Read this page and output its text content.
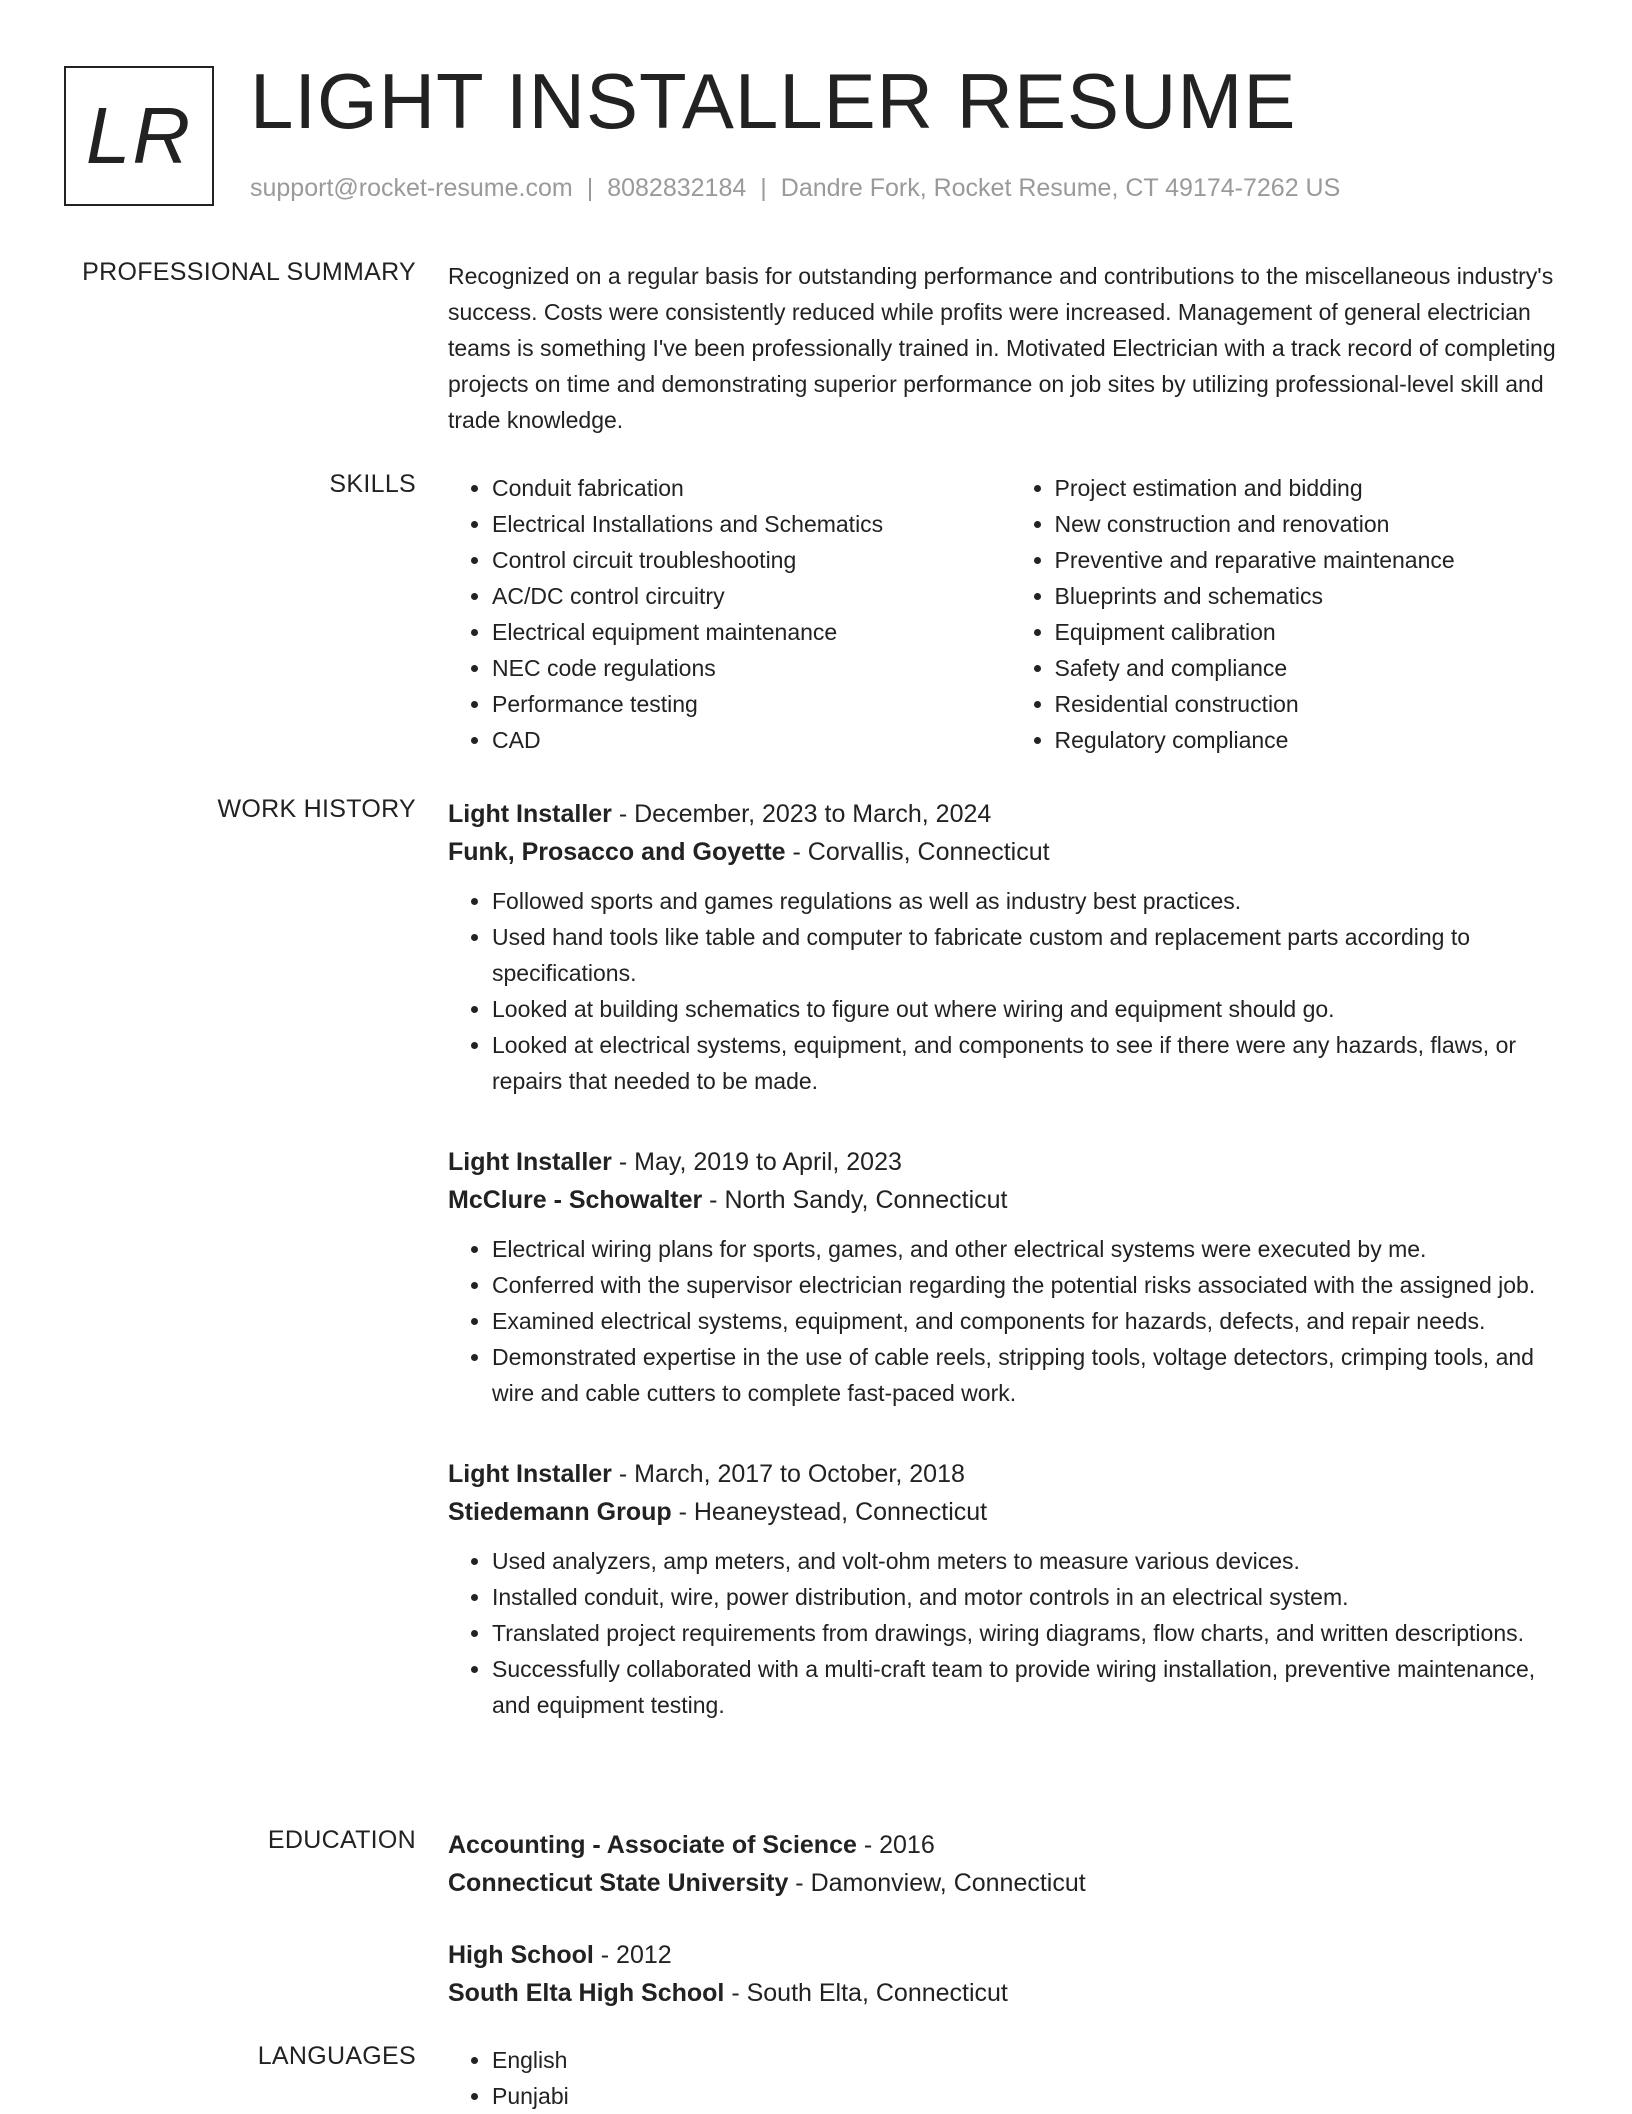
LR LIGHT INSTALLER RESUME
support@rocket-resume.com | 8082832184 | Dandre Fork, Rocket Resume, CT 49174-7262 US
PROFESSIONAL SUMMARY Recognized on a regular basis for outstanding performance and contributions to the miscellaneous industry's success. Costs were consistently reduced while profits were increased. Management of general electrician teams is something I've been professionally trained in. Motivated Electrician with a track record of completing projects on time and demonstrating superior performance on job sites by utilizing professional-level skill and trade knowledge.

SKILLS	• Conduit fabrication
• Electrical Installations and Schematics
• Control circuit troubleshooting
• AC/DC control circuitry
• Electrical equipment maintenance
• NEC code regulations
• Performance testing
• CAD
• Project estimation and bidding
• New construction and renovation
• Preventive and reparative maintenance
• Blueprints and schematics
• Equipment calibration
• Safety and compliance
• Residential construction
• Regulatory compliance
WORK HISTORY Light Installer - December, 2023 to March, 2024
Funk, Prosacco and Goyette - Corvallis, Connecticut
• Followed sports and games regulations as well as industry best practices.
• Used hand tools like table and computer to fabricate custom and replacement parts according to specifications.
• Looked at building schematics to figure out where wiring and equipment should go.
• Looked at electrical systems, equipment, and components to see if there were any hazards, flaws, or repairs that needed to be made.
Light Installer - May, 2019 to April, 2023
McClure - Schowalter - North Sandy, Connecticut
• Electrical wiring plans for sports, games, and other electrical systems were executed by me.
• Conferred with the supervisor electrician regarding the potential risks associated with the assigned job.
• Examined electrical systems, equipment, and components for hazards, defects, and repair needs.
• Demonstrated expertise in the use of cable reels, stripping tools, voltage detectors, crimping tools, and wire and cable cutters to complete fast-paced work.
Light Installer - March, 2017 to October, 2018
Stiedemann Group - Heaneystead, Connecticut
• Used analyzers, amp meters, and volt-ohm meters to measure various devices.
• Installed conduit, wire, power distribution, and motor controls in an electrical system.
• Translated project requirements from drawings, wiring diagrams, flow charts, and written descriptions.
• Successfully collaborated with a multi-craft team to provide wiring installation, preventive maintenance, and equipment testing.
EDUCATION Accounting - Associate of Science - 2016
Connecticut State University - Damonview, Connecticut
High School - 2012
South Elta High School - South Elta, Connecticut
LANGUAGES	• English
• Punjabi
